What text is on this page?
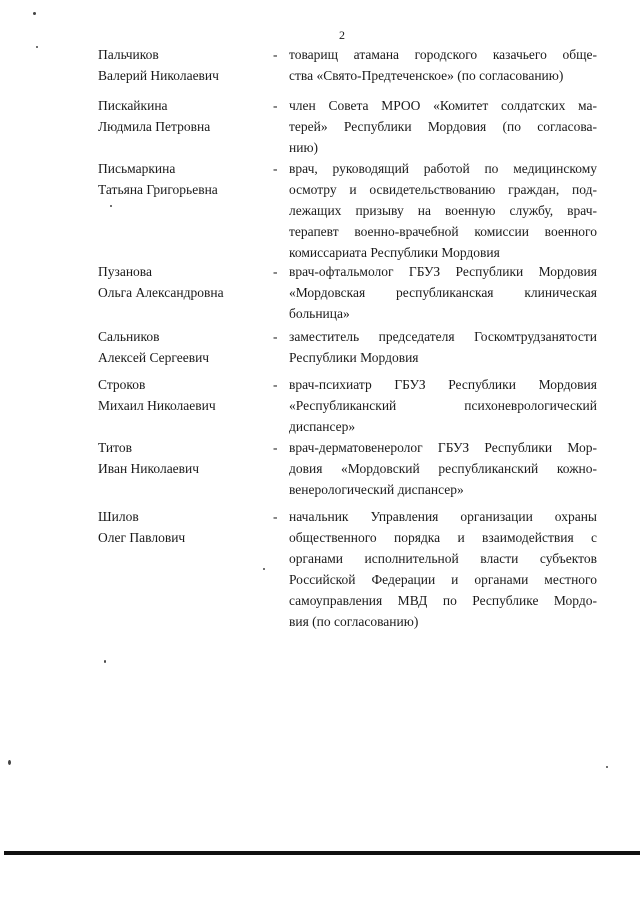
2
Пальчиков
Валерий Николаевич
- товарищ атамана городского казачьего обще-
ства «Свято-Предтеченское» (по согласованию)
Пискайкина
Людмила Петровна
- член Совета МРОО «Комитет солдатских ма-
терей» Республики Мордовия (по согласова-
нию)
Письмаркина
Татьяна Григорьевна
- врач, руководящий работой по медицинскому
осмотру и освидетельствованию граждан, под-
лежащих призыву на военную службу, врач-
терапевт военно-врачебной комиссии военного
комиссариата Республики Мордовия
Пузанова
Ольга Александровна
- врач-офтальмолог ГБУЗ Республики Мордовия
«Мордовская республиканская клиническая
больница»
Сальников
Алексей Сергеевич
- заместитель председателя Госкомтрудзанятости
Республики Мордовия
Строков
Михаил Николаевич
- врач-психиатр ГБУЗ Республики Мордовия
«Республиканский психоневрологический
диспансер»
Титов
Иван Николаевич
- врач-дерматовенеролог ГБУЗ Республики Мор-
довия «Мордовский республиканский кожно-
венерологический диспансер»
Шилов
Олег Павлович
- начальник Управления организации охраны
общественного порядка и взаимодействия с
органами исполнительной власти субъектов
Российской Федерации и органами местного
самоуправления МВД по Республике Мордо-
вия (по согласованию)
